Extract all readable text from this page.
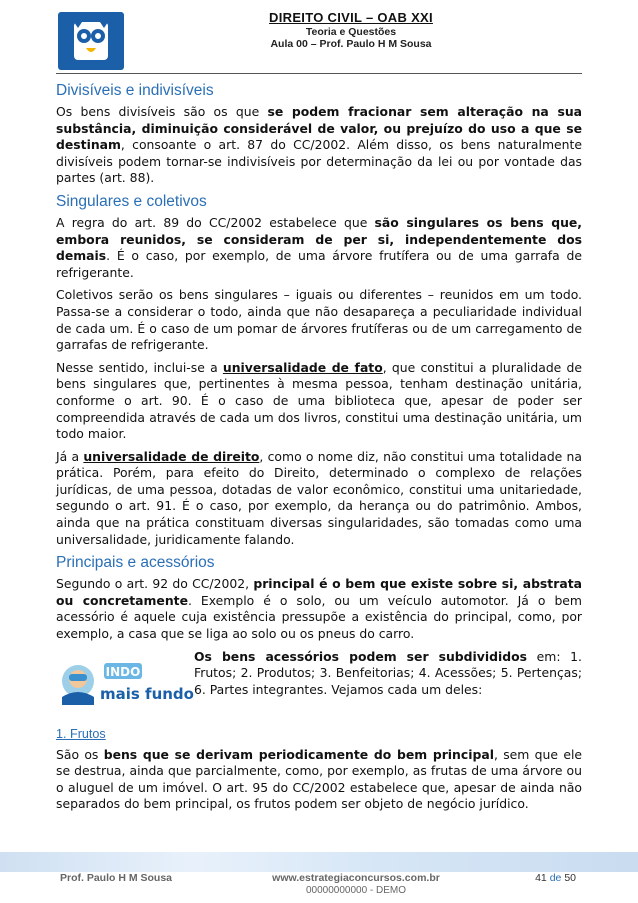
DIREITO CIVIL – OAB XXI
Teoria e Questões
Aula 00 – Prof. Paulo H M Sousa
Divisíveis e indivisíveis

Os bens divisíveis são os que se podem fracionar sem alteração na sua substância, diminuição considerável de valor, ou prejuízo do uso a que se destinam, consoante o art. 87 do CC/2002. Além disso, os bens naturalmente divisíveis podem tornar-se indivisíveis por determinação da lei ou por vontade das partes (art. 88).

Singulares e coletivos

A regra do art. 89 do CC/2002 estabelece que são singulares os bens que, embora reunidos, se consideram de per si, independentemente dos demais. É o caso, por exemplo, de uma árvore frutífera ou de uma garrafa de refrigerante.

Coletivos serão os bens singulares – iguais ou diferentes – reunidos em um todo. Passa-se a considerar o todo, ainda que não desapareça a peculiaridade individual de cada um. É o caso de um pomar de árvores frutíferas ou de um carregamento de garrafas de refrigerante.

Nesse sentido, inclui-se a universalidade de fato, que constitui a pluralidade de bens singulares que, pertinentes à mesma pessoa, tenham destinação unitária, conforme o art. 90. É o caso de uma biblioteca que, apesar de poder ser compreendida através de cada um dos livros, constitui uma destinação unitária, um todo maior.

Já a universalidade de direito, como o nome diz, não constitui uma totalidade na prática. Porém, para efeito do Direito, determinado o complexo de relações jurídicas, de uma pessoa, dotadas de valor econômico, constitui uma unitariedade, segundo o art. 91. É o caso, por exemplo, da herança ou do patrimônio. Ambos, ainda que na prática constituam diversas singularidades, são tomadas como uma universalidade, juridicamente falando.

Principais e acessórios

Segundo o art. 92 do CC/2002, principal é o bem que existe sobre si, abstrata ou concretamente. Exemplo é o solo, ou um veículo automotor. Já o bem acessório é aquele cuja existência pressupõe a existência do principal, como, por exemplo, a casa que se liga ao solo ou os pneus do carro.

INDO
mais fundo

Os bens acessórios podem ser subdivididos em: 1. Frutos; 2. Produtos; 3. Benfeitorias; 4. Acessões; 5. Pertenças; 6. Partes integrantes. Vejamos cada um deles:

1. Frutos

São os bens que se derivam periodicamente do bem principal, sem que ele se destrua, ainda que parcialmente, como, por exemplo, as frutas de uma árvore ou o aluguel de um imóvel. O art. 95 do CC/2002 estabelece que, apesar de ainda não separados do bem principal, os frutos podem ser objeto de negócio jurídico.

Prof. Paulo H M Sousa	www.estrategiaconcursos.com.br
00000000000 - DEMO
41 de 50
